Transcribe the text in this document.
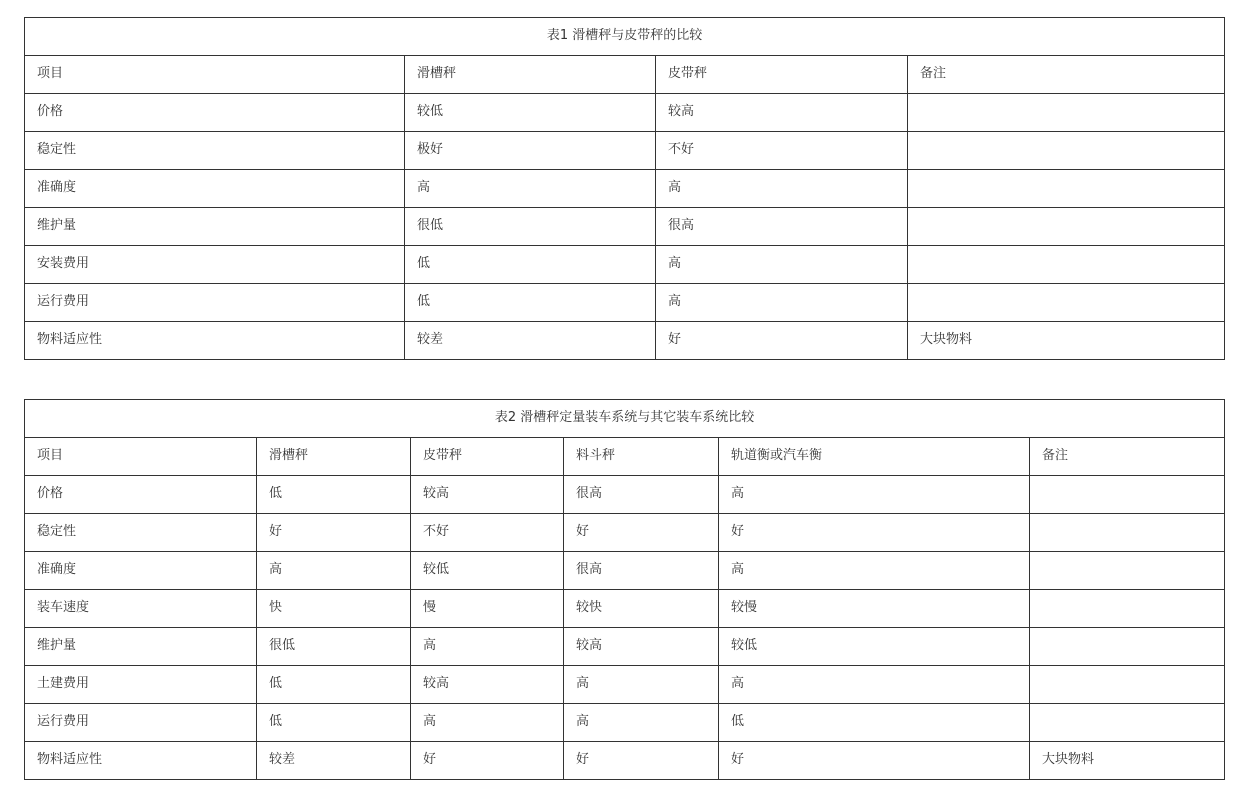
表1 滑槽秤与皮带秤的比较			
项目	滑槽秤	皮带秤	备注
价格	较低	较高	
稳定性	极好	不好	
准确度	高	高	
维护量	很低	很高	
安装费用	低	高	
运行费用	低	高	
物料适应性	较差	好	大块物料
表2 滑槽秤定量装车系统与其它装车系统比较					
项目	滑槽秤	皮带秤	料斗秤	轨道衡或汽车衡	备注
价格	低	较高	很高	高	
稳定性	好	不好	好	好	
准确度	高	较低	很高	高	
装车速度	快	慢	较快	较慢	
维护量	很低	高	较高	较低	
土建费用	低	较高	高	高	
运行费用	低	高	高	低	
物料适应性	较差	好	好	好	大块物料
